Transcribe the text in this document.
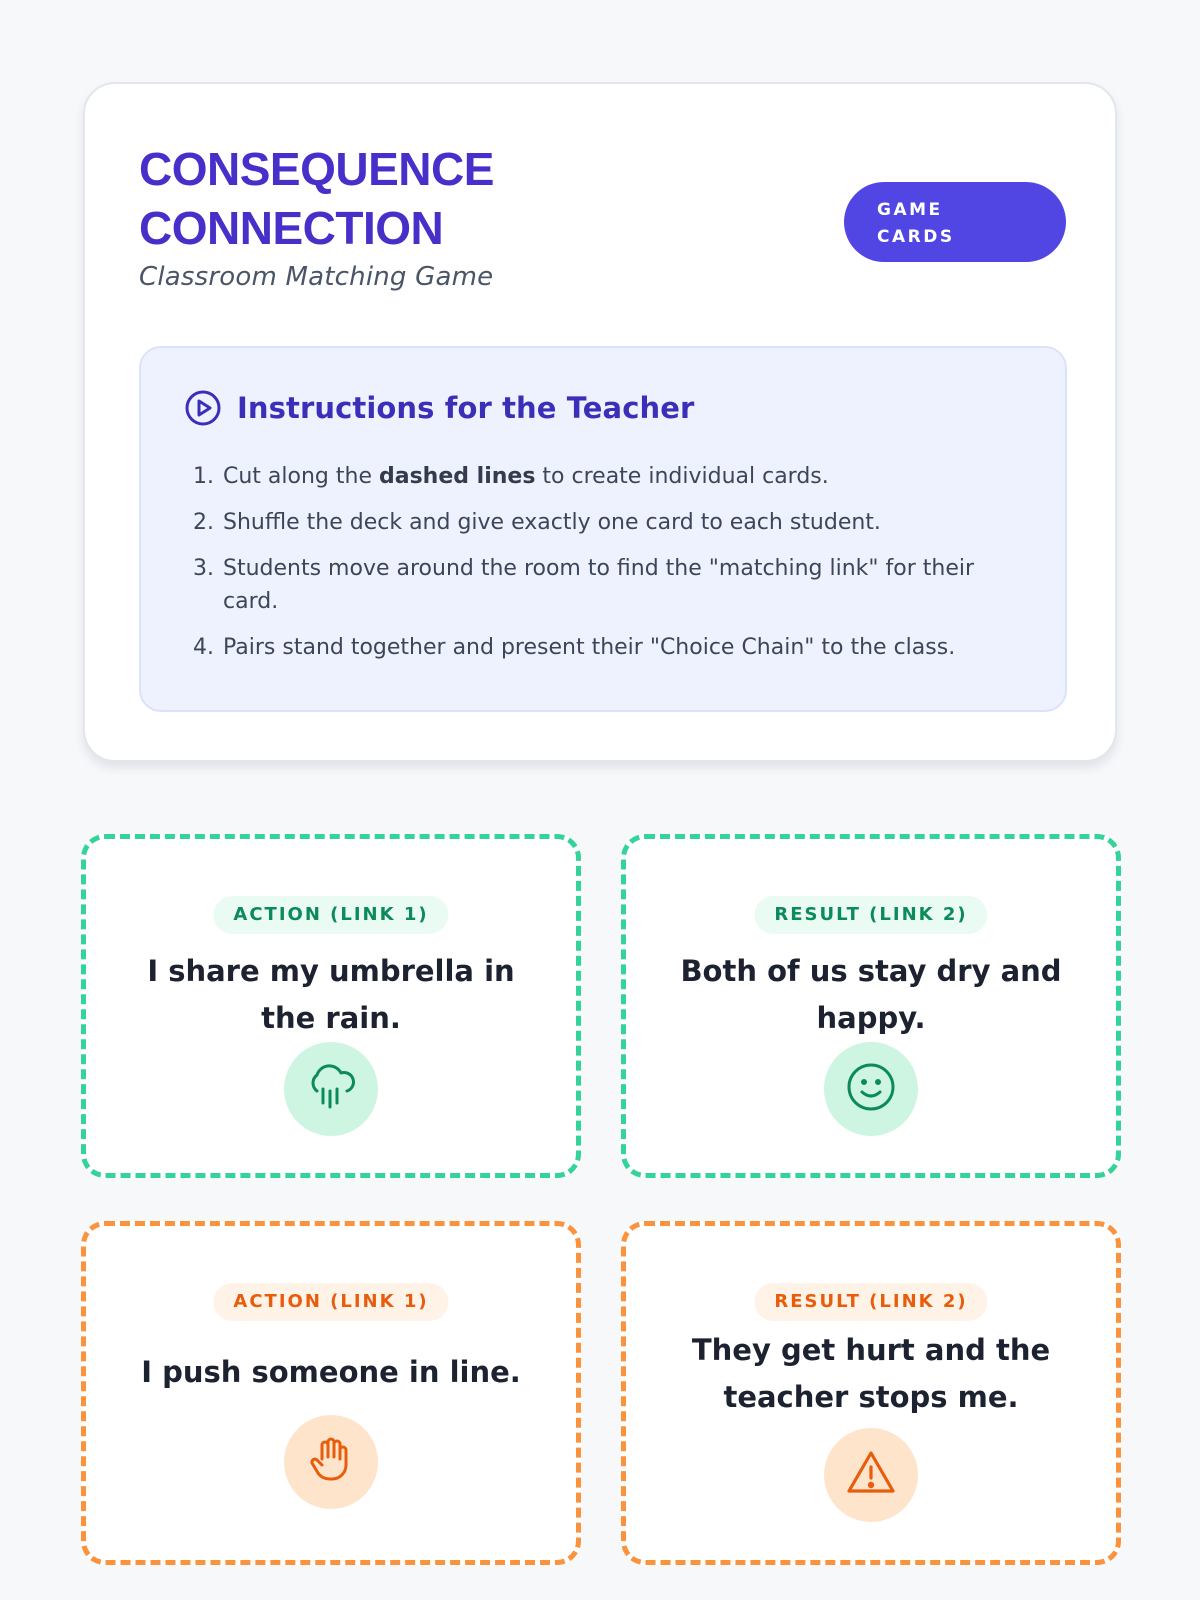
CONSEQUENCE
CONNECTION
Classroom Matching Game
GAME
CARDS
Instructions for the Teacher
1. Cut along the dashed lines to create individual cards.
2. Shuffle the deck and give exactly one card to each student.
3. Students move around the room to find the "matching link" for their card.
4. Pairs stand together and present their "Choice Chain" to the class.
ACTION (LINK 1)
I share my umbrella in the rain.
RESULT (LINK 2)
Both of us stay dry and happy.
ACTION (LINK 1)
I push someone in line.
RESULT (LINK 2)
They get hurt and the teacher stops me.
